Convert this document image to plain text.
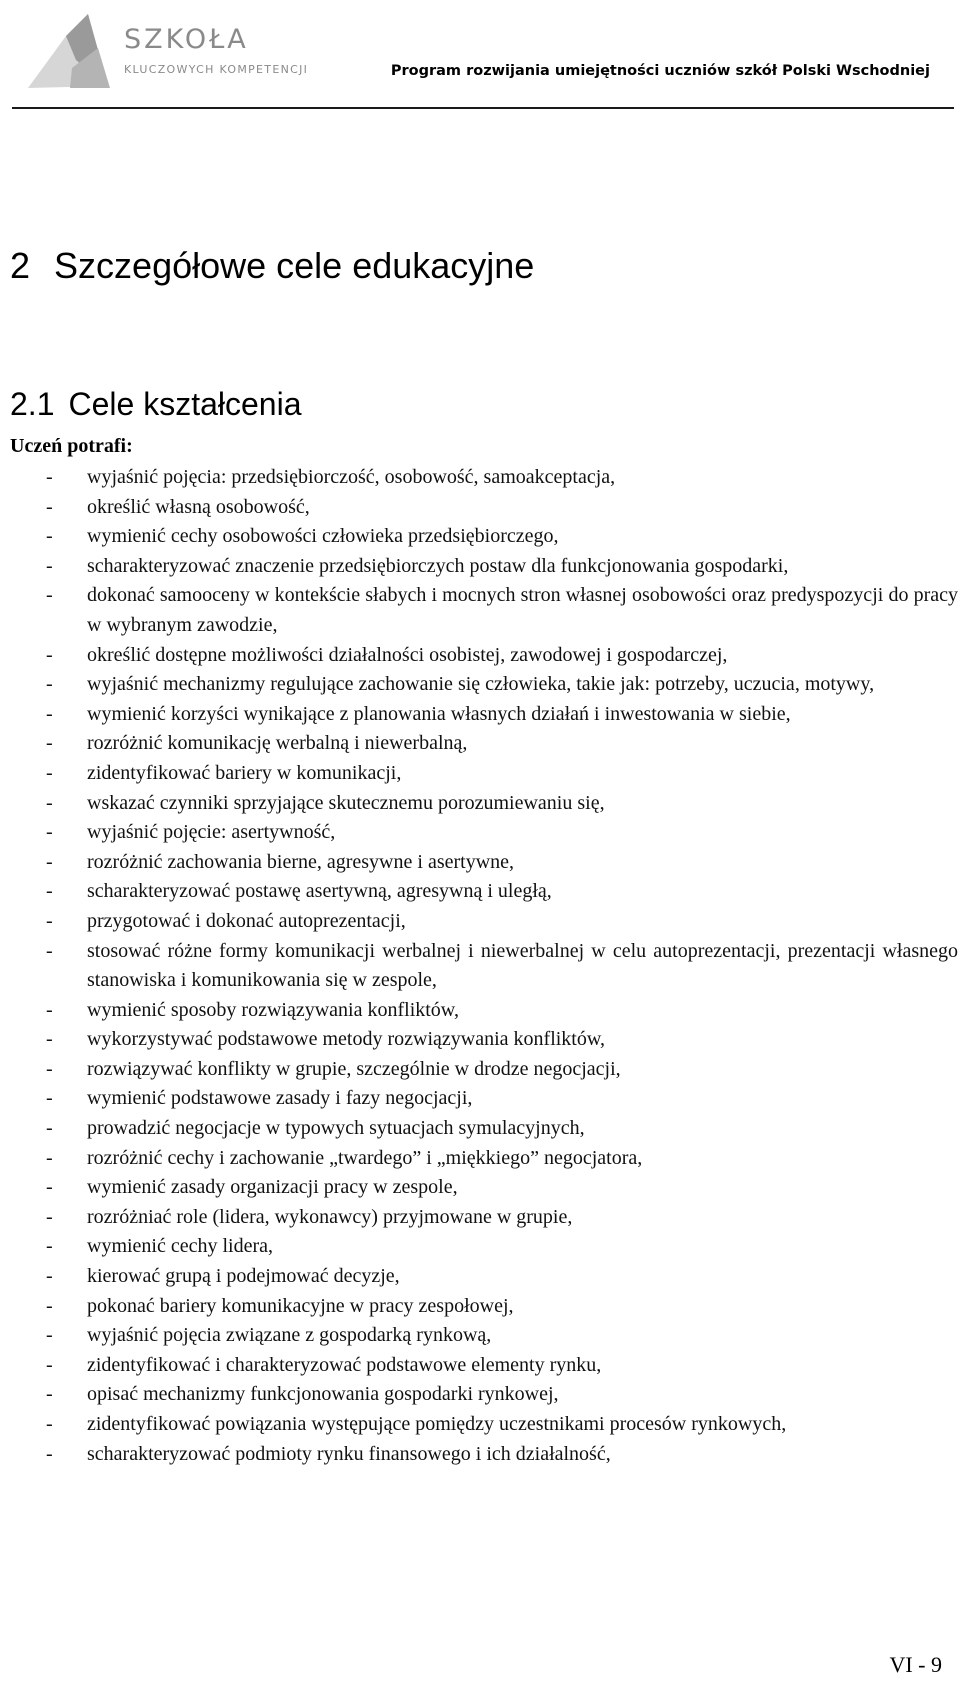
SZKOŁA
KLUCZOWYCH KOMPETENCJI	Program rozwijania umiejętności uczniów szkół Polski Wschodniej
2 Szczegółowe cele edukacyjne
2.1 Cele kształcenia
Uczeń potrafi:
- wyjaśnić pojęcia: przedsiębiorczość, osobowość, samoakceptacja,
- określić własną osobowość,
- wymienić cechy osobowości człowieka przedsiębiorczego,
- scharakteryzować znaczenie przedsiębiorczych postaw dla funkcjonowania gospodarki,
- dokonać samooceny w kontekście słabych i mocnych stron własnej osobowości oraz predyspozycji do pracy w wybranym zawodzie,
- określić dostępne możliwości działalności osobistej, zawodowej i gospodarczej,
- wyjaśnić mechanizmy regulujące zachowanie się człowieka, takie jak: potrzeby, uczucia, motywy,
- wymienić korzyści wynikające z planowania własnych działań i inwestowania w siebie,
- rozróżnić komunikację werbalną i niewerbalną,
- zidentyfikować bariery w komunikacji,
- wskazać czynniki sprzyjające skutecznemu porozumiewaniu się,
- wyjaśnić pojęcie: asertywność,
- rozróżnić zachowania bierne, agresywne i asertywne,
- scharakteryzować postawę asertywną, agresywną i uległą,
- przygotować i dokonać autoprezentacji,
- stosować różne formy komunikacji werbalnej i niewerbalnej w celu autoprezentacji, prezentacji własnego stanowiska i komunikowania się w zespole,
- wymienić sposoby rozwiązywania konfliktów,
- wykorzystywać podstawowe metody rozwiązywania konfliktów,
- rozwiązywać konflikty w grupie, szczególnie w drodze negocjacji,
- wymienić podstawowe zasady i fazy negocjacji,
- prowadzić negocjacje w typowych sytuacjach symulacyjnych,
- rozróżnić cechy i zachowanie „twardego” i „miękkiego” negocjatora,
- wymienić zasady organizacji pracy w zespole,
- rozróżniać role (lidera, wykonawcy) przyjmowane w grupie,
- wymienić cechy lidera,
- kierować grupą i podejmować decyzje,
- pokonać bariery komunikacyjne w pracy zespołowej,
- wyjaśnić pojęcia związane z gospodarką rynkową,
- zidentyfikować i charakteryzować podstawowe elementy rynku,
- opisać mechanizmy funkcjonowania gospodarki rynkowej,
- zidentyfikować powiązania występujące pomiędzy uczestnikami procesów rynkowych,
- scharakteryzować podmioty rynku finansowego i ich działalność,
VI - 9
